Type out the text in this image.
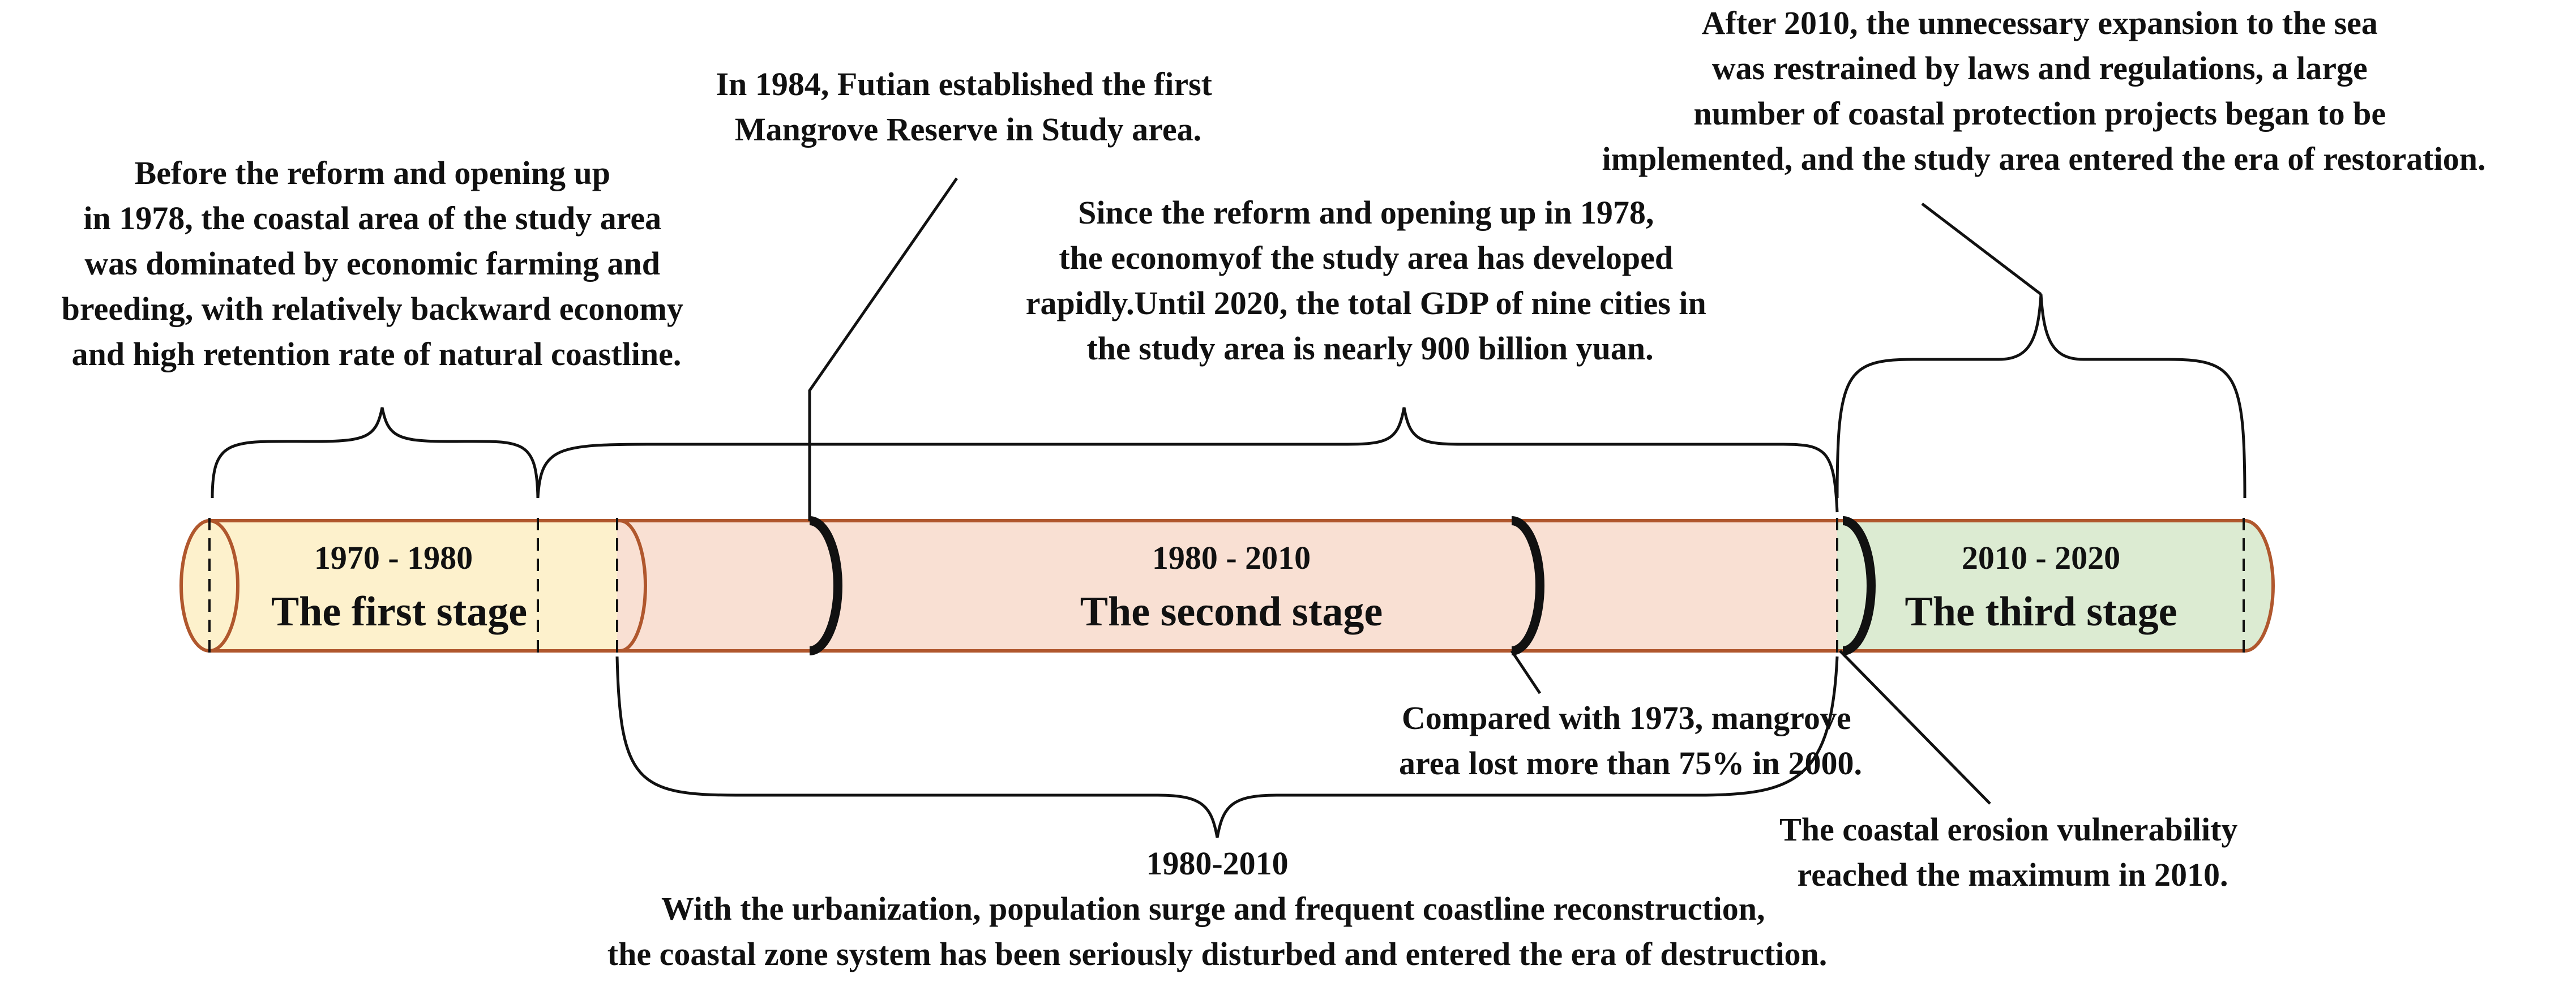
1970 - 1980
The first stage
1980 - 2010
The second stage
2010 - 2020
The third stage
Before the reform and opening up in 1978, the coastal area of the study area was dominated by economic farming and breeding, with relatively backward economy and high retention rate of natural coastline.
In 1984, Futian established the first Mangrove Reserve in Study area.
Since the reform and opening up in 1978, the economyof the study area has developed rapidly.Until 2020, the total GDP of nine cities in the study area is nearly 900 billion yuan.
After 2010, the unnecessary expansion to the sea was restrained by laws and regulations, a large number of coastal protection projects began to be implemented, and the study area entered the era of restoration.
Compared with 1973, mangrove area lost more than 75% in 2000.
The coastal erosion vulnerability reached the maximum in 2010.
1980-2010
With the urbanization, population surge and frequent coastline reconstruction, the coastal zone system has been seriously disturbed and entered the era of destruction.
